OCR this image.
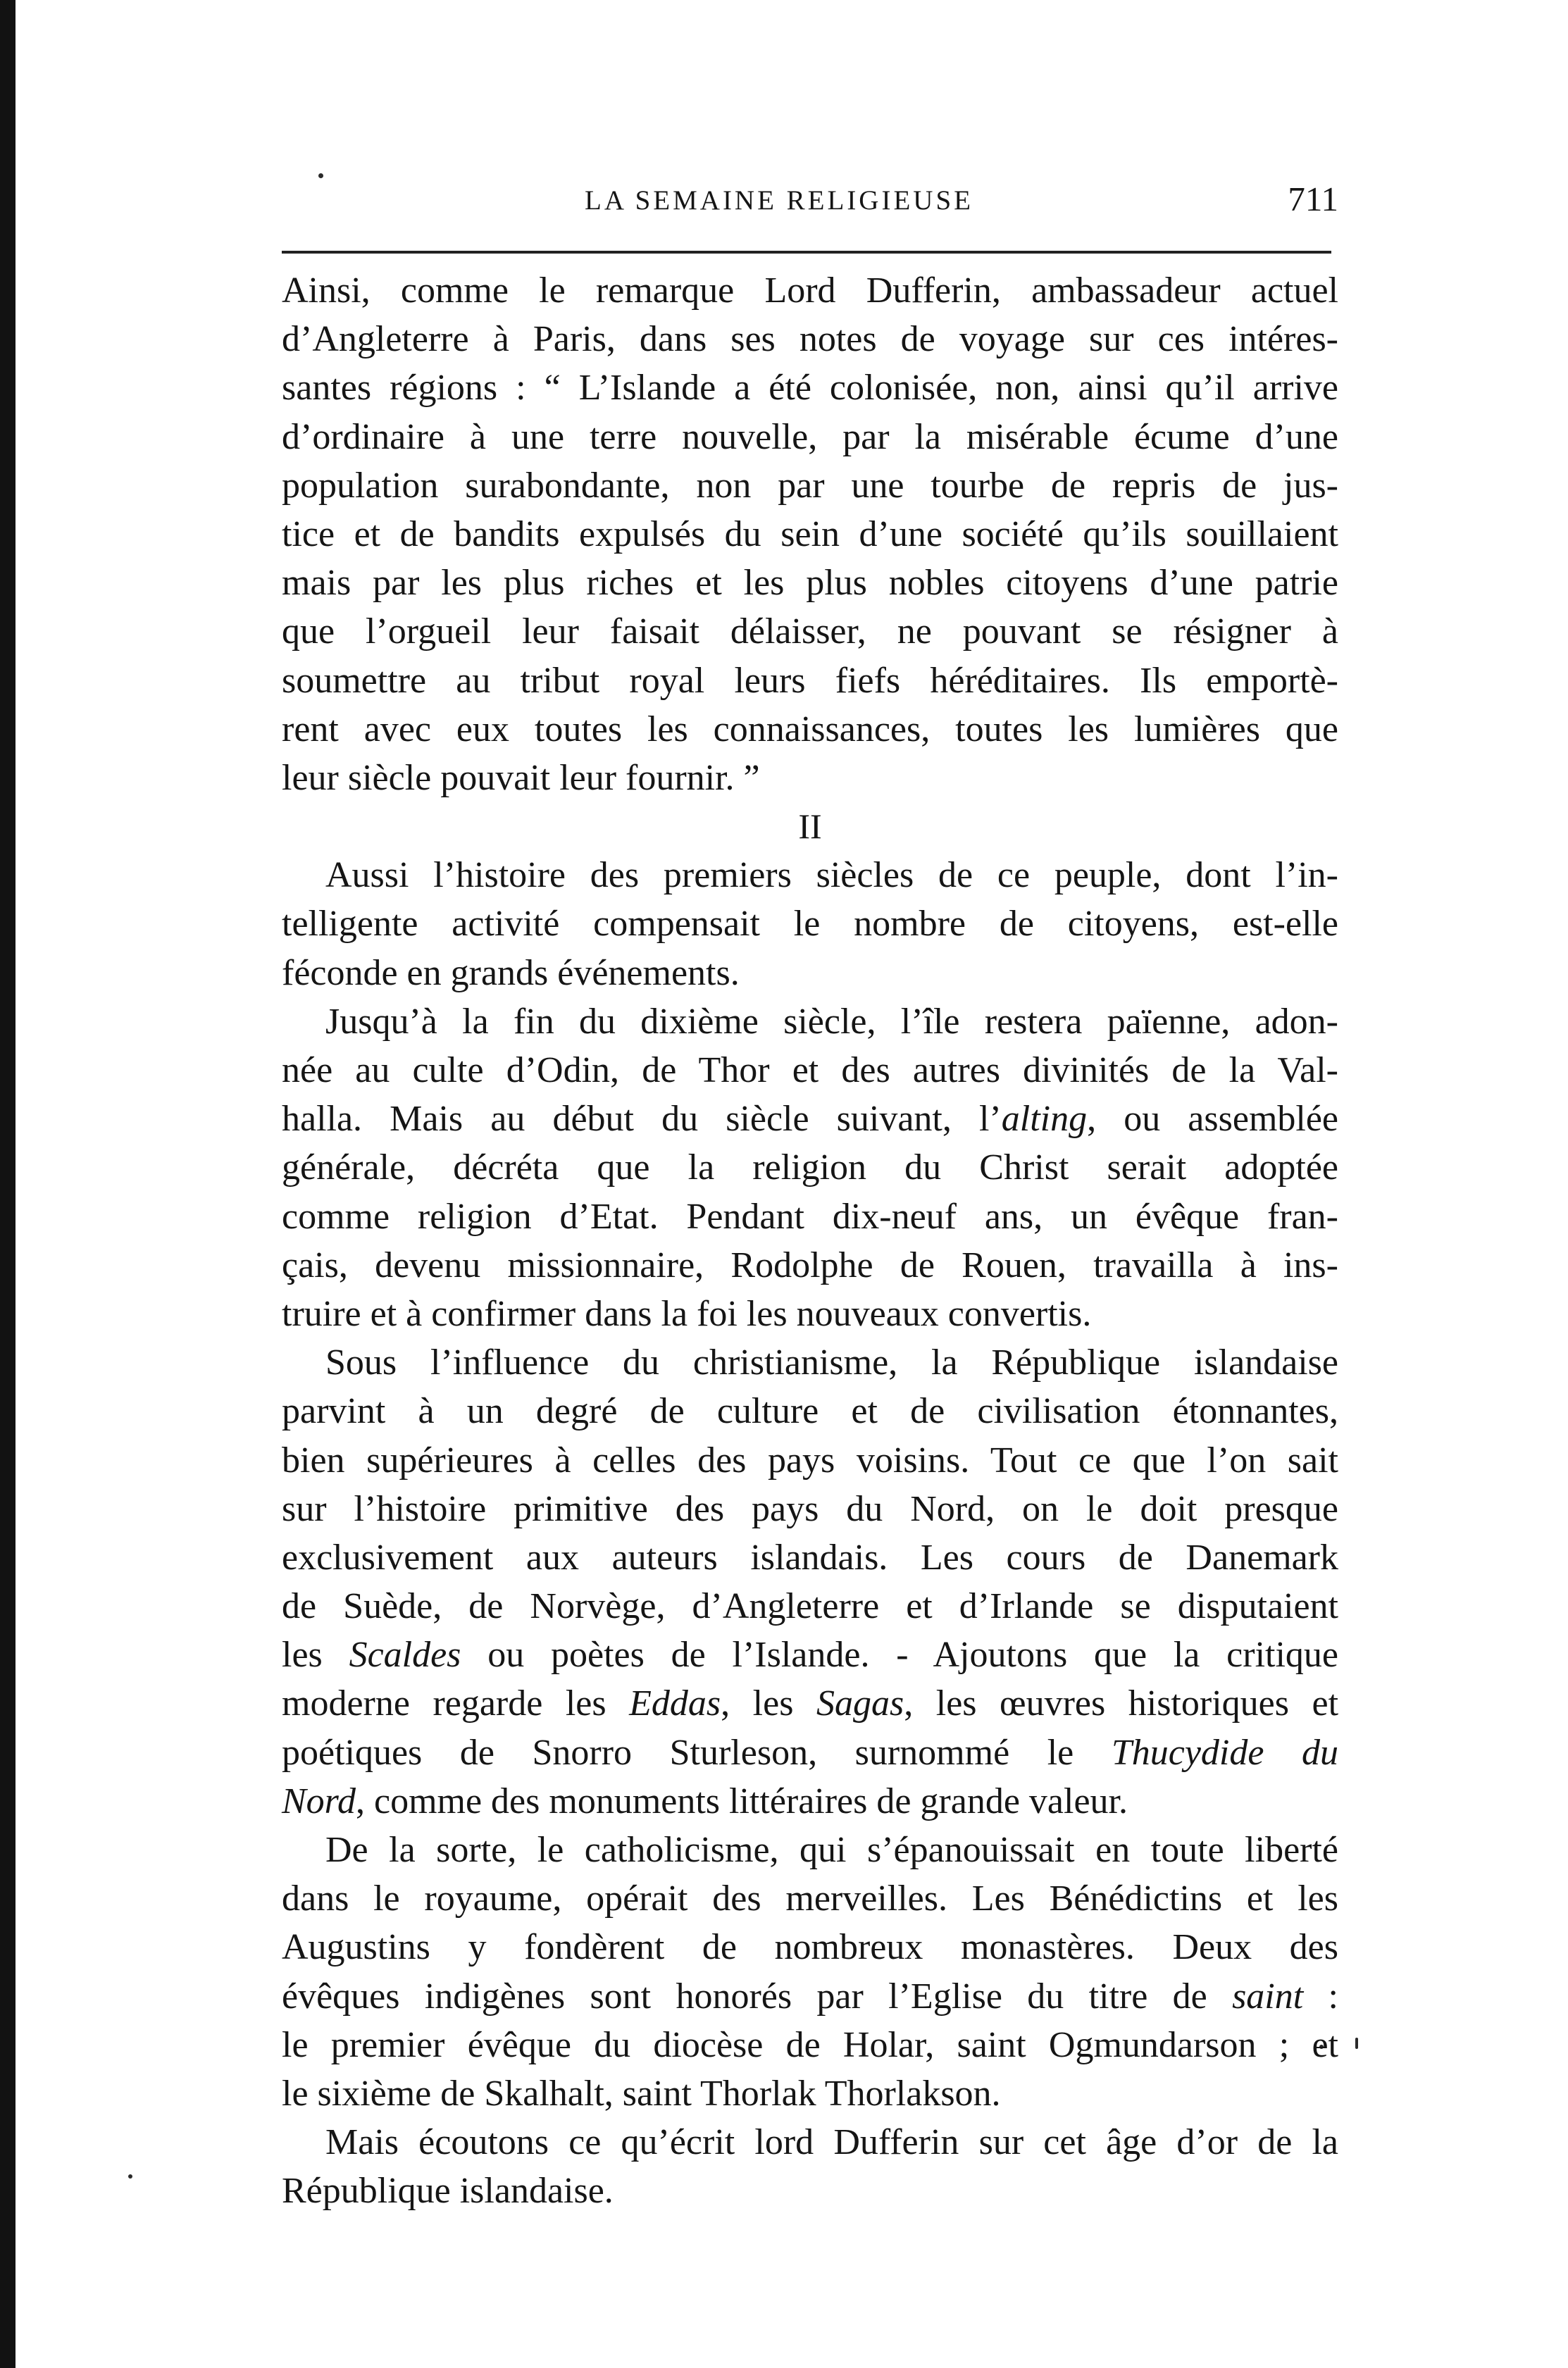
LA SEMAINE RELIGIEUSE	711
Ainsi, comme le remarque Lord Dufferin, ambassadeur actuel
d’Angleterre à Paris, dans ses notes de voyage sur ces intéres-
santes régions : “ L’Islande a été colonisée, non, ainsi qu’il arrive
d’ordinaire à une terre nouvelle, par la misérable écume d’une
population surabondante, non par une tourbe de repris de jus-
tice et de bandits expulsés du sein d’une société qu’ils souillaient
mais par les plus riches et les plus nobles citoyens d’une patrie
que l’orgueil leur faisait délaisser, ne pouvant se résigner à
soumettre au tribut royal leurs fiefs héréditaires. Ils emportè-
rent avec eux toutes les connaissances, toutes les lumières que
leur siècle pouvait leur fournir. ”
II
Aussi l’histoire des premiers siècles de ce peuple, dont l’in-
telligente activité compensait le nombre de citoyens, est-elle
féconde en grands événements.
Jusqu’à la fin du dixième siècle, l’île restera païenne, adon-
née au culte d’Odin, de Thor et des autres divinités de la Val-
halla. Mais au début du siècle suivant, l’alting, ou assemblée
générale, décréta que la religion du Christ serait adoptée
comme religion d’Etat. Pendant dix-neuf ans, un évêque fran-
çais, devenu missionnaire, Rodolphe de Rouen, travailla à ins-
truire et à confirmer dans la foi les nouveaux convertis.
Sous l’influence du christianisme, la République islandaise
parvint à un degré de culture et de civilisation étonnantes,
bien supérieures à celles des pays voisins. Tout ce que l’on sait
sur l’histoire primitive des pays du Nord, on le doit presque
exclusivement aux auteurs islandais. Les cours de Danemark
de Suède, de Norvège, d’Angleterre et d’Irlande se disputaient
les Scaldes ou poètes de l’Islande. - Ajoutons que la critique
moderne regarde les Eddas, les Sagas, les œuvres historiques et
poétiques de Snorro Sturleson, surnommé le Thucydide du
Nord, comme des monuments littéraires de grande valeur.
De la sorte, le catholicisme, qui s’épanouissait en toute liberté
dans le royaume, opérait des merveilles. Les Bénédictins et les
Augustins y fondèrent de nombreux monastères. Deux des
évêques indigènes sont honorés par l’Eglise du titre de saint :
le premier évêque du diocèse de Holar, saint Ogmundarson ; et
le sixième de Skalhalt, saint Thorlak Thorlakson.
Mais écoutons ce qu’écrit lord Dufferin sur cet âge d’or de la
République islandaise.
